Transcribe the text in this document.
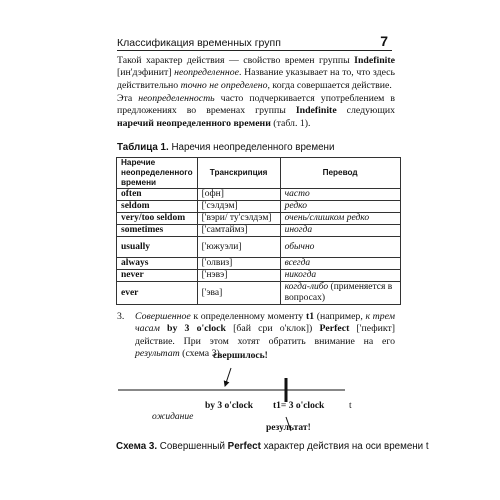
Классификация временных групп	7

Такой характер действия — свойство времен группы Indefinite [ин'дэфинит] неопределенное. Название указывает на то, что здесь действительно точно не определено, когда совершается действие.

Эта неопределенность часто подчеркивается употреблением в предложениях во временах группы Indefinite следующих наречий неопределенного времени (табл. 1).

Таблица 1. Наречия неопределенного времени
Наречие неопределенного времени	Транскрипция	Перевод
often	[офн]	часто
seldom	['сэлдэм]	редко
very/too seldom	['вэри/ ту'сэлдэм]	очень/слишком редко
sometimes	['самтаймз]	иногда
usually	['южуэли]	обычно
always	['олвиз]	всегда
never	['нэвэ]	никогда
ever	['эва]	когда-либо (применяется в вопросах)
3.	Совершенное к определенному моменту t1 (например, к трем часам by 3 o'clock [бай сри о'клок]) Perfect ['пефикт] действие. При этом хотят обратить внимание на его результат (схема 3).
свершилось!
by 3 o'clock t1= 3 o'clock	t
ожидание
результат!
Схема 3. Совершенный Perfect характер действия на оси времени t
